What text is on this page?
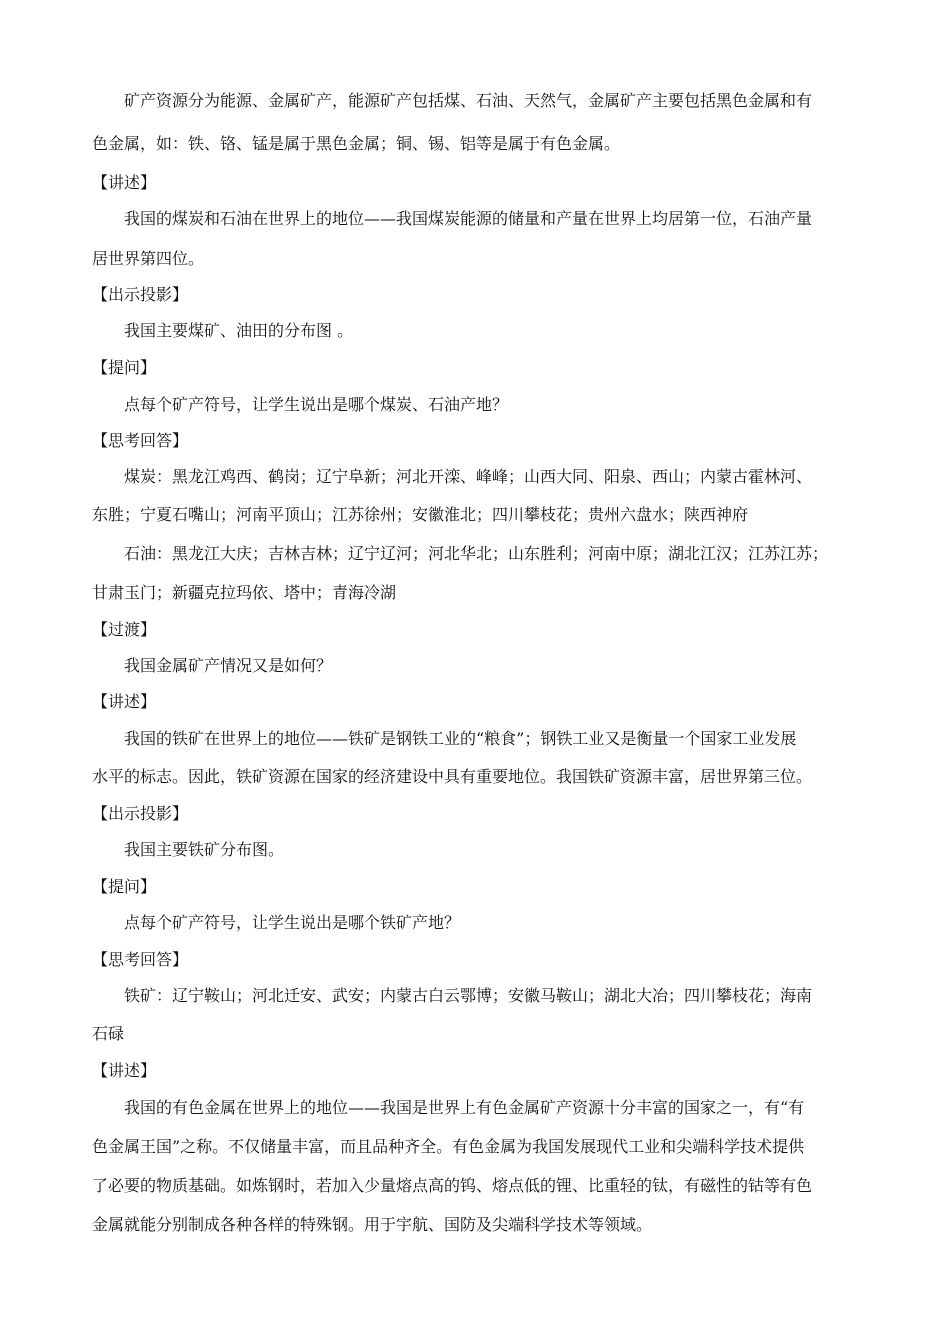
矿产资源分为能源、金属矿产，能源矿产包括煤、石油、天然气，金属矿产主要包括黑色金属和有
色金属，如：铁、铬、锰是属于黑色金属；铜、锡、铝等是属于有色金属。
【讲述】
我国的煤炭和石油在世界上的地位——我国煤炭能源的储量和产量在世界上均居第一位，石油产量
居世界第四位。
【出示投影】
我国主要煤矿、油田的分布图 。
【提问】
点每个矿产符号，让学生说出是哪个煤炭、石油产地？
【思考回答】
煤炭：黑龙江鸡西、鹤岗；辽宁阜新；河北开滦、峰峰；山西大同、阳泉、西山；内蒙古霍林河、
东胜；宁夏石嘴山；河南平顶山；江苏徐州；安徽淮北；四川攀枝花；贵州六盘水；陕西神府
石油：黑龙江大庆；吉林吉林；辽宁辽河；河北华北；山东胜利；河南中原；湖北江汉；江苏江苏；
甘肃玉门；新疆克拉玛依、塔中；青海冷湖
【过渡】
我国金属矿产情况又是如何？
【讲述】
我国的铁矿在世界上的地位——铁矿是钢铁工业的“粮食”；钢铁工业又是衡量一个国家工业发展
水平的标志。因此，铁矿资源在国家的经济建设中具有重要地位。我国铁矿资源丰富，居世界第三位。
【出示投影】
我国主要铁矿分布图。
【提问】
点每个矿产符号，让学生说出是哪个铁矿产地？
【思考回答】
铁矿：辽宁鞍山；河北迁安、武安；内蒙古白云鄂博；安徽马鞍山；湖北大冶；四川攀枝花；海南
石碌
【讲述】
我国的有色金属在世界上的地位——我国是世界上有色金属矿产资源十分丰富的国家之一，有“有
色金属王国”之称。不仅储量丰富，而且品种齐全。有色金属为我国发展现代工业和尖端科学技术提供
了必要的物质基础。如炼钢时，若加入少量熔点高的钨、熔点低的锂、比重轻的钛，有磁性的钴等有色
金属就能分别制成各种各样的特殊钢。用于宇航、国防及尖端科学技术等领域。
